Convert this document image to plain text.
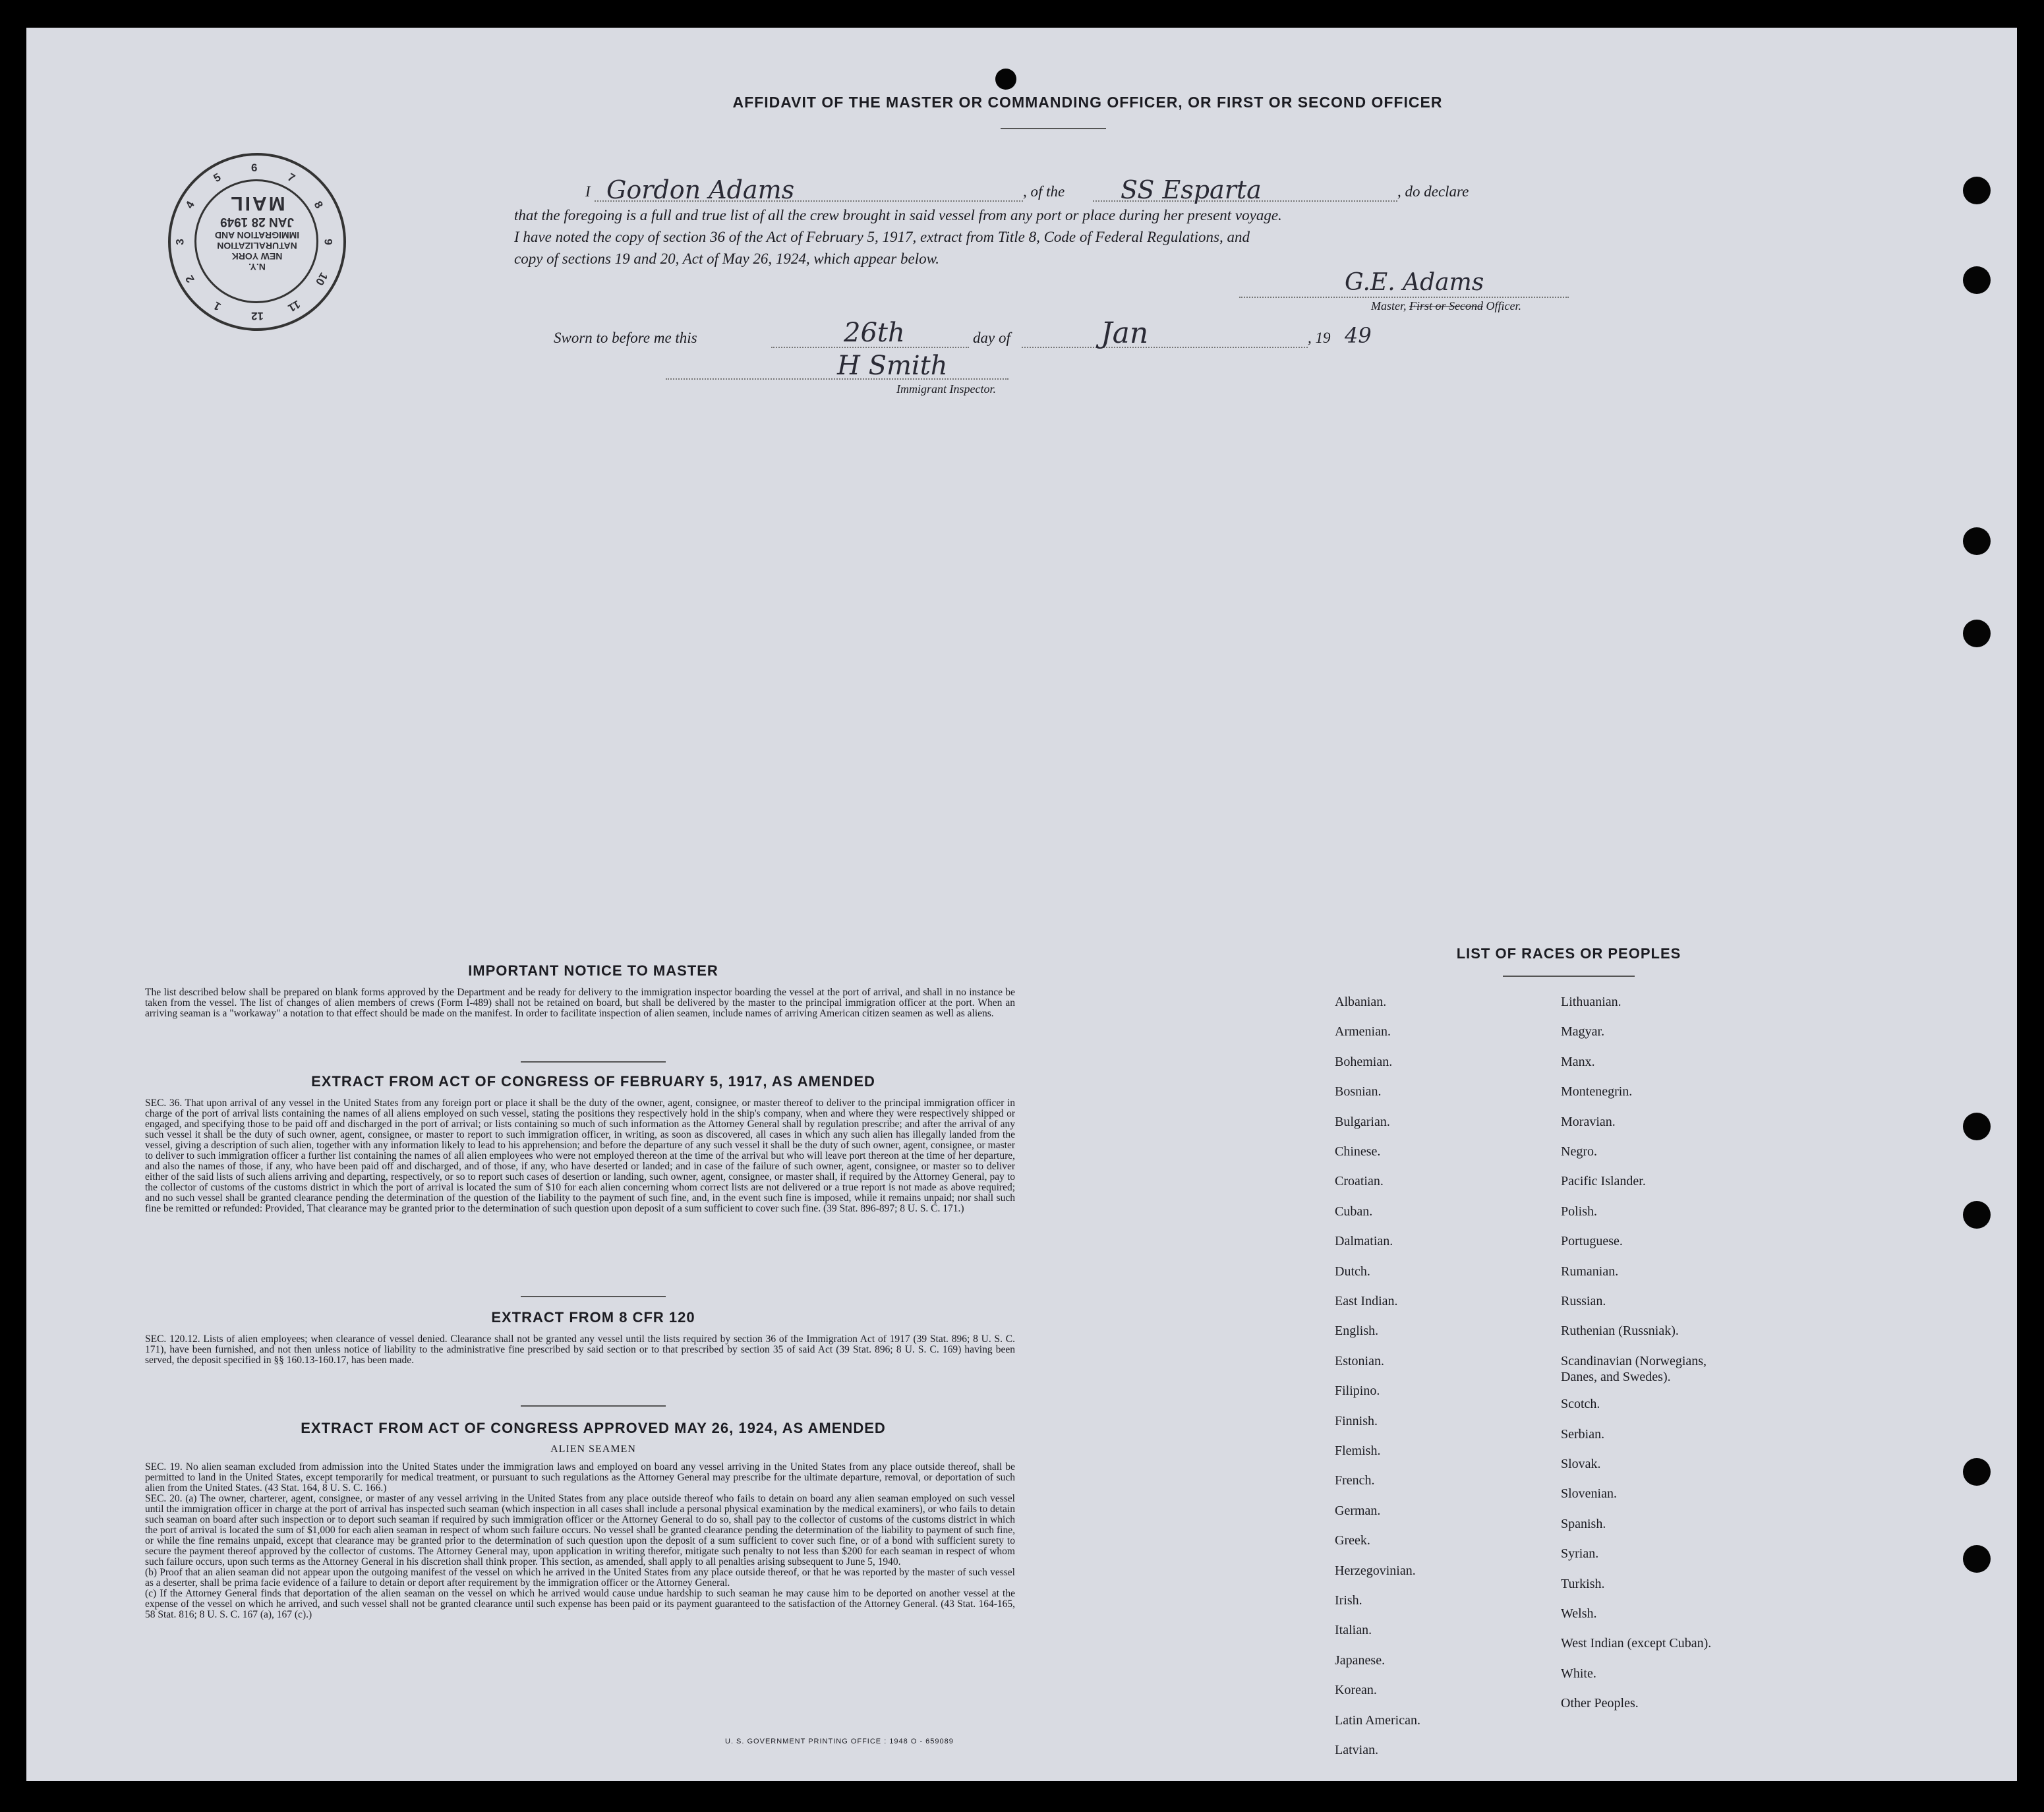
AFFIDAVIT OF THE MASTER OR COMMANDING OFFICER, OR FIRST OR SECOND OFFICER
N.Y.
NEW YORK
NATURALIZATION
IMMIGRATION AND
JAN 28 1949
MAIL
12
1
2
3
4
5
6
7
8
9
10
11
I Gordon Adams	, of the SS Esparta	, do declare
that the foregoing is a full and true list of all the crew brought in said vessel from any port or place during her present voyage.
I have noted the copy of section 36 of the Act of February 5, 1917, extract from Title 8, Code of Federal Regulations, and
copy of sections 19 and 20, Act of May 26, 1924, which appear below.
G.E. Adams
Master, First or Second Officer.
Sworn to before me this	26th	day of	Jan	, 19 49
H Smith
Immigrant Inspector.
IMPORTANT NOTICE TO MASTER
The list described below shall be prepared on blank forms approved by the Department and be ready for delivery to the immigration inspector boarding the vessel at the port of arrival, and shall in no instance be taken from the vessel. The list of changes of alien members of crews (Form I-489) shall not be retained on board, but shall be delivered by the master to the principal immigration officer at the port. When an arriving seaman is a "workaway" a notation to that effect should be made on the manifest. In order to facilitate inspection of alien seamen, include names of arriving American citizen seamen as well as aliens.
EXTRACT FROM ACT OF CONGRESS OF FEBRUARY 5, 1917, AS AMENDED
SEC. 36. That upon arrival of any vessel in the United States from any foreign port or place it shall be the duty of the owner, agent, consignee, or master thereof to deliver to the principal immigration officer in charge of the port of arrival lists containing the names of all aliens employed on such vessel, stating the positions they respectively hold in the ship's company, when and where they were respectively shipped or engaged, and specifying those to be paid off and discharged in the port of arrival; or lists containing so much of such information as the Attorney General shall by regulation prescribe; and after the arrival of any such vessel it shall be the duty of such owner, agent, consignee, or master to report to such immigration officer, in writing, as soon as discovered, all cases in which any such alien has illegally landed from the vessel, giving a description of such alien, together with any information likely to lead to his apprehension; and before the departure of any such vessel it shall be the duty of such owner, agent, consignee, or master to deliver to such immigration officer a further list containing the names of all alien employees who were not employed thereon at the time of the arrival but who will leave port thereon at the time of her departure, and also the names of those, if any, who have been paid off and discharged, and of those, if any, who have deserted or landed; and in case of the failure of such owner, agent, consignee, or master so to deliver either of the said lists of such aliens arriving and departing, respectively, or so to report such cases of desertion or landing, such owner, agent, consignee, or master shall, if required by the Attorney General, pay to the collector of customs of the customs district in which the port of arrival is located the sum of $10 for each alien concerning whom correct lists are not delivered or a true report is not made as above required; and no such vessel shall be granted clearance pending the determination of the question of the liability to the payment of such fine, and, in the event such fine is imposed, while it remains unpaid; nor shall such fine be remitted or refunded: Provided, That clearance may be granted prior to the determination of such question upon deposit of a sum sufficient to cover such fine. (39 Stat. 896-897; 8 U. S. C. 171.)
EXTRACT FROM 8 CFR 120
SEC. 120.12. Lists of alien employees; when clearance of vessel denied. Clearance shall not be granted any vessel until the lists required by section 36 of the Immigration Act of 1917 (39 Stat. 896; 8 U. S. C. 171), have been furnished, and not then unless notice of liability to the administrative fine prescribed by said section or to that prescribed by section 35 of said Act (39 Stat. 896; 8 U. S. C. 169) having been served, the deposit specified in §§ 160.13-160.17, has been made.
EXTRACT FROM ACT OF CONGRESS APPROVED MAY 26, 1924, AS AMENDED
ALIEN SEAMEN
SEC. 19. No alien seaman excluded from admission into the United States under the immigration laws and employed on board any vessel arriving in the United States from any place outside thereof, shall be permitted to land in the United States, except temporarily for medical treatment, or pursuant to such regulations as the Attorney General may prescribe for the ultimate departure, removal, or deportation of such alien from the United States. (43 Stat. 164, 8 U. S. C. 166.)
SEC. 20. (a) The owner, charterer, agent, consignee, or master of any vessel arriving in the United States from any place outside thereof who fails to detain on board any alien seaman employed on such vessel until the immigration officer in charge at the port of arrival has inspected such seaman (which inspection in all cases shall include a personal physical examination by the medical examiners), or who fails to detain such seaman on board after such inspection or to deport such seaman if required by such immigration officer or the Attorney General to do so, shall pay to the collector of customs of the customs district in which the port of arrival is located the sum of $1,000 for each alien seaman in respect of whom such failure occurs. No vessel shall be granted clearance pending the determination of the liability to payment of such fine, or while the fine remains unpaid, except that clearance may be granted prior to the determination of such question upon the deposit of a sum sufficient to cover such fine, or of a bond with sufficient surety to secure the payment thereof approved by the collector of customs. The Attorney General may, upon application in writing therefor, mitigate such penalty to not less than $200 for each seaman in respect of whom such failure occurs, upon such terms as the Attorney General in his discretion shall think proper. This section, as amended, shall apply to all penalties arising subsequent to June 5, 1940.
(b) Proof that an alien seaman did not appear upon the outgoing manifest of the vessel on which he arrived in the United States from any place outside thereof, or that he was reported by the master of such vessel as a deserter, shall be prima facie evidence of a failure to detain or deport after requirement by the immigration officer or the Attorney General.
(c) If the Attorney General finds that deportation of the alien seaman on the vessel on which he arrived would cause undue hardship to such seaman he may cause him to be deported on another vessel at the expense of the vessel on which he arrived, and such vessel shall not be granted clearance until such expense has been paid or its payment guaranteed to the satisfaction of the Attorney General. (43 Stat. 164-165, 58 Stat. 816; 8 U. S. C. 167 (a), 167 (c).)
U. S. GOVERNMENT PRINTING OFFICE : 1948 O - 659089
LIST OF RACES OR PEOPLES
Albanian.
Armenian.
Bohemian.
Bosnian.
Bulgarian.
Chinese.
Croatian.
Cuban.
Dalmatian.
Dutch.
East Indian.
English.
Estonian.
Filipino.
Finnish.
Flemish.
French.
German.
Greek.
Herzegovinian.
Irish.
Italian.
Japanese.
Korean.
Latin American.
Latvian.
Lithuanian.
Magyar.
Manx.
Montenegrin.
Moravian.
Negro.
Pacific Islander.
Polish.
Portuguese.
Rumanian.
Russian.
Ruthenian (Russniak).
Scandinavian (Norwegians,
Danes, and Swedes).
Scotch.
Serbian.
Slovak.
Slovenian.
Spanish.
Syrian.
Turkish.
Welsh.
West Indian (except Cuban).
White.
Other Peoples.
